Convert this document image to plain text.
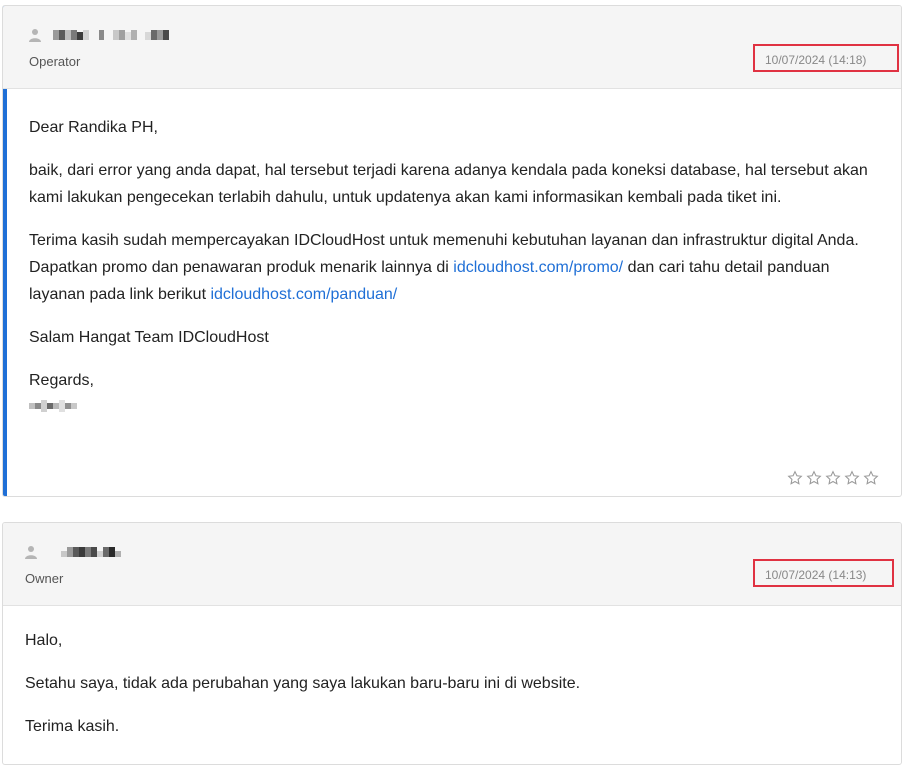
Operator	10/07/2024 (14:18)

Dear Randika PH,

baik, dari error yang anda dapat, hal tersebut terjadi karena adanya kendala pada koneksi database, hal tersebut akan kami lakukan pengecekan terlabih dahulu, untuk updatenya akan kami informasikan kembali pada tiket ini.

Terima kasih sudah mempercayakan IDCloudHost untuk memenuhi kebutuhan layanan dan infrastruktur digital Anda.
Dapatkan promo dan penawaran produk menarik lainnya di idcloudhost.com/promo/ dan cari tahu detail panduan layanan pada link berikut idcloudhost.com/panduan/

Salam Hangat Team IDCloudHost

Regards,

Owner	10/07/2024 (14:13)

Halo,

Setahu saya, tidak ada perubahan yang saya lakukan baru-baru ini di website.

Terima kasih.
